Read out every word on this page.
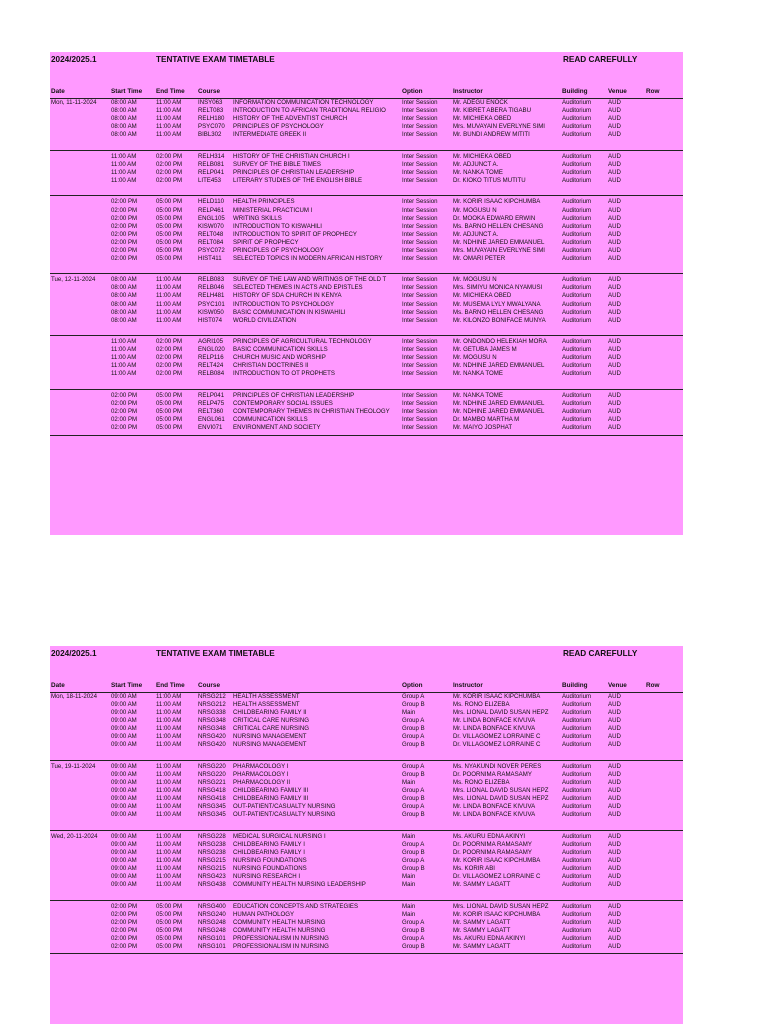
2024/2025.1	TENTATIVE EXAM TIMETABLE	READ CAREFULLY
Date	Start Time	End Time	Course	Option	Instructor	Building	Venue	Row
Mon, 11-11-2024	08:00 AM	11:00 AM	INSY063	INFORMATION COMMUNICATION TECHNOLOGY	Inter Session	Mr. ADEGU ENOCK	Auditorium	AUD
08:00 AM	11:00 AM	RELT083	INTRODUCTION TO AFRICAN TRADITIONAL RELIGIO	Inter Session	Mr. KIBRET ABERA TIGABU	Auditorium	AUD
08:00 AM	11:00 AM	RELH180	HISTORY OF THE ADVENTIST CHURCH	Inter Session	Mr. MICHIEKA OBED	Auditorium	AUD
08:00 AM	11:00 AM	PSYC070	PRINCIPLES OF PSYCHOLOGY	Inter Session	Mrs. MUVAYAIN EVERLYNE SIMI	Auditorium	AUD
08:00 AM	11:00 AM	BIBL302	INTERMEDIATE GREEK II	Inter Session	Mr. BUNDI ANDREW MITITI	Auditorium	AUD
11:00 AM	02:00 PM	RELH314	HISTORY OF THE CHRISTIAN CHURCH I	Inter Session	Mr. MICHIEKA OBED	Auditorium	AUD
11:00 AM	02:00 PM	RELB081	SURVEY OF THE BIBLE TIMES	Inter Session	Mr. ADJUNCT A.	Auditorium	AUD
11:00 AM	02:00 PM	RELP041	PRINCIPLES OF CHRISTIAN LEADERSHIP	Inter Session	Mr. NANKA TOME	Auditorium	AUD
11:00 AM	02:00 PM	LITE453	LITERARY STUDIES OF THE ENGLISH BIBLE	Inter Session	Dr. KIOKO TITUS MUTITU	Auditorium	AUD
02:00 PM	05:00 PM	HELD110	HEALTH PRINCIPLES	Inter Session	Mr. KORIR ISAAC KIPCHUMBA	Auditorium	AUD
02:00 PM	05:00 PM	RELP461	MINISTERIAL PRACTICUM I	Inter Session	Mr. MOGUSU N	Auditorium	AUD
02:00 PM	05:00 PM	ENGL105	WRITING SKILLS	Inter Session	Dr. MOOKA EDWARD ERWIN	Auditorium	AUD
02:00 PM	05:00 PM	KISW070	INTRODUCTION TO KISWAHILI	Inter Session	Ms. BARNO HELLEN CHESANG	Auditorium	AUD
02:00 PM	05:00 PM	RELT048	INTRODUCTION TO SPIRIT OF PROPHECY	Inter Session	Mr. ADJUNCT A.	Auditorium	AUD
02:00 PM	05:00 PM	RELT084	SPIRIT OF PROPHECY	Inter Session	Mr. NDHINE JARED EMMANUEL	Auditorium	AUD
02:00 PM	05:00 PM	PSYC072	PRINCIPLES OF PSYCHOLOGY	Inter Session	Mrs. MUVAYAIN EVERLYNE SIMI	Auditorium	AUD
02:00 PM	05:00 PM	HIST411	SELECTED TOPICS IN MODERN AFRICAN HISTORY	Inter Session	Mr. OMARI PETER	Auditorium	AUD
Tue, 12-11-2024	08:00 AM	11:00 AM	RELB083	SURVEY OF THE LAW AND WRITINGS OF THE OLD T	Inter Session	Mr. MOGUSU N	Auditorium	AUD
08:00 AM	11:00 AM	RELB046	SELECTED THEMES IN ACTS AND EPISTLES	Inter Session	Mrs. SIMIYU MONICA NYAMUSI	Auditorium	AUD
08:00 AM	11:00 AM	RELH481	HISTORY OF SDA CHURCH IN KENYA	Inter Session	Mr. MICHIEKA OBED	Auditorium	AUD
08:00 AM	11:00 AM	PSYC101	INTRODUCTION TO PSYCHOLOGY	Inter Session	Mr. MUSEMA LYLY MWALYANA	Auditorium	AUD
08:00 AM	11:00 AM	KISW050	BASIC COMMUNICATION IN KISWAHILI	Inter Session	Ms. BARNO HELLEN CHESANG	Auditorium	AUD
08:00 AM	11:00 AM	HIST074	WORLD CIVILIZATION	Inter Session	Mr. KILONZO BONIFACE MUNYA	Auditorium	AUD
11:00 AM	02:00 PM	AGRI105	PRINCIPLES OF AGRICULTURAL TECHNOLOGY	Inter Session	Mr. ONDONDO HELEKIAH MORA	Auditorium	AUD
11:00 AM	02:00 PM	ENGL020	BASIC COMMUNICATION SKILLS	Inter Session	Mr. GETUBA JAMES M	Auditorium	AUD
11:00 AM	02:00 PM	RELP116	CHURCH MUSIC AND WORSHIP	Inter Session	Mr. MOGUSU N	Auditorium	AUD
11:00 AM	02:00 PM	RELT424	CHRISTIAN DOCTRINES II	Inter Session	Mr. NDHINE JARED EMMANUEL	Auditorium	AUD
11:00 AM	02:00 PM	RELB084	INTRODUCTION TO OT PROPHETS	Inter Session	Mr. NANKA TOME	Auditorium	AUD
02:00 PM	05:00 PM	RELP041	PRINCIPLES OF CHRISTIAN LEADERSHIP	Inter Session	Mr. NANKA TOME	Auditorium	AUD
02:00 PM	05:00 PM	RELP475	CONTEMPORARY SOCIAL ISSUES	Inter Session	Mr. NDHINE JARED EMMANUEL	Auditorium	AUD
02:00 PM	05:00 PM	RELT360	CONTEMPORARY THEMES IN CHRISTIAN THEOLOGY	Inter Session	Mr. NDHINE JARED EMMANUEL	Auditorium	AUD
02:00 PM	05:00 PM	ENGL061	COMMUNICATION SKILLS	Inter Session	Dr. MAMBO MARTHA M	Auditorium	AUD
02:00 PM	05:00 PM	ENVI071	ENVIRONMENT AND SOCIETY	Inter Session	Mr. MAIYO JOSPHAT	Auditorium	AUD
2024/2025.1	TENTATIVE EXAM TIMETABLE	READ CAREFULLY
Date	Start Time	End Time	Course	Option	Instructor	Building	Venue	Row
Mon, 18-11-2024	09:00 AM	11:00 AM	NRSG212	HEALTH ASSESSMENT	Group A	Mr. KORIR ISAAC KIPCHUMBA	Auditorium	AUD
09:00 AM	11:00 AM	NRSG212	HEALTH ASSESSMENT	Group B	Ms. RONO ELIZEBA	Auditorium	AUD
09:00 AM	11:00 AM	NRSG338	CHILDBEARING FAMILY II	Main	Mrs. LIONAL DAVID SUSAN HEPZ	Auditorium	AUD
09:00 AM	11:00 AM	NRSG348	CRITICAL CARE NURSING	Group A	Mr. LINDA BONFACE KIVUVA	Auditorium	AUD
09:00 AM	11:00 AM	NRSG348	CRITICAL CARE NURSING	Group B	Mr. LINDA BONFACE KIVUVA	Auditorium	AUD
09:00 AM	11:00 AM	NRSG420	NURSING MANAGEMENT	Group A	Dr. VILLAGOMEZ LORRAINE C	Auditorium	AUD
09:00 AM	11:00 AM	NRSG420	NURSING MANAGEMENT	Group B	Dr. VILLAGOMEZ LORRAINE C	Auditorium	AUD
Tue, 19-11-2024	09:00 AM	11:00 AM	NRSG220	PHARMACOLOGY I	Group A	Ms. NYAKUNDI NOVER PERES	Auditorium	AUD
09:00 AM	11:00 AM	NRSG220	PHARMACOLOGY I	Group B	Dr. POORNIMA RAMASAMY	Auditorium	AUD
09:00 AM	11:00 AM	NRSG221	PHARMACOLOGY II	Main	Ms. RONO ELIZEBA	Auditorium	AUD
09:00 AM	11:00 AM	NRSG418	CHILDBEARING FAMILY III	Group A	Mrs. LIONAL DAVID SUSAN HEPZ	Auditorium	AUD
09:00 AM	11:00 AM	NRSG418	CHILDBEARING FAMILY III	Group B	Mrs. LIONAL DAVID SUSAN HEPZ	Auditorium	AUD
09:00 AM	11:00 AM	NRSG345	OUT-PATIENT/CASUALTY NURSING	Group A	Mr. LINDA BONFACE KIVUVA	Auditorium	AUD
09:00 AM	11:00 AM	NRSG345	OUT-PATIENT/CASUALTY NURSING	Group B	Mr. LINDA BONFACE KIVUVA	Auditorium	AUD
Wed, 20-11-2024	09:00 AM	11:00 AM	NRSG228	MEDICAL SURGICAL NURSING I	Main	Ms. AKURU EDNA AKINYI	Auditorium	AUD
09:00 AM	11:00 AM	NRSG238	CHILDBEARING FAMILY I	Group A	Dr. POORNIMA RAMASAMY	Auditorium	AUD
09:00 AM	11:00 AM	NRSG238	CHILDBEARING FAMILY I	Group B	Dr. POORNIMA RAMASAMY	Auditorium	AUD
09:00 AM	11:00 AM	NRSG215	NURSING FOUNDATIONS	Group A	Mr. KORIR ISAAC KIPCHUMBA	Auditorium	AUD
09:00 AM	11:00 AM	NRSG215	NURSING FOUNDATIONS	Group B	Ms. KORIR ABI	Auditorium	AUD
09:00 AM	11:00 AM	NRSG423	NURSING RESEARCH I	Main	Dr. VILLAGOMEZ LORRAINE C	Auditorium	AUD
09:00 AM	11:00 AM	NRSG438	COMMUNITY HEALTH NURSING LEADERSHIP	Main	Mr. SAMMY LAGATT	Auditorium	AUD
02:00 PM	05:00 PM	NRSG400	EDUCATION CONCEPTS AND STRATEGIES	Main	Mrs. LIONAL DAVID SUSAN HEPZ	Auditorium	AUD
02:00 PM	05:00 PM	NRSG240	HUMAN PATHOLOGY	Main	Mr. KORIR ISAAC KIPCHUMBA	Auditorium	AUD
02:00 PM	05:00 PM	NRSG248	COMMUNITY HEALTH NURSING	Group A	Mr. SAMMY LAGATT	Auditorium	AUD
02:00 PM	05:00 PM	NRSG248	COMMUNITY HEALTH NURSING	Group B	Mr. SAMMY LAGATT	Auditorium	AUD
02:00 PM	05:00 PM	NRSG101	PROFESSIONALISM IN NURSING	Group A	Ms. AKURU EDNA AKINYI	Auditorium	AUD
02:00 PM	05:00 PM	NRSG101	PROFESSIONALISM IN NURSING	Group B	Mr. SAMMY LAGATT	Auditorium	AUD
